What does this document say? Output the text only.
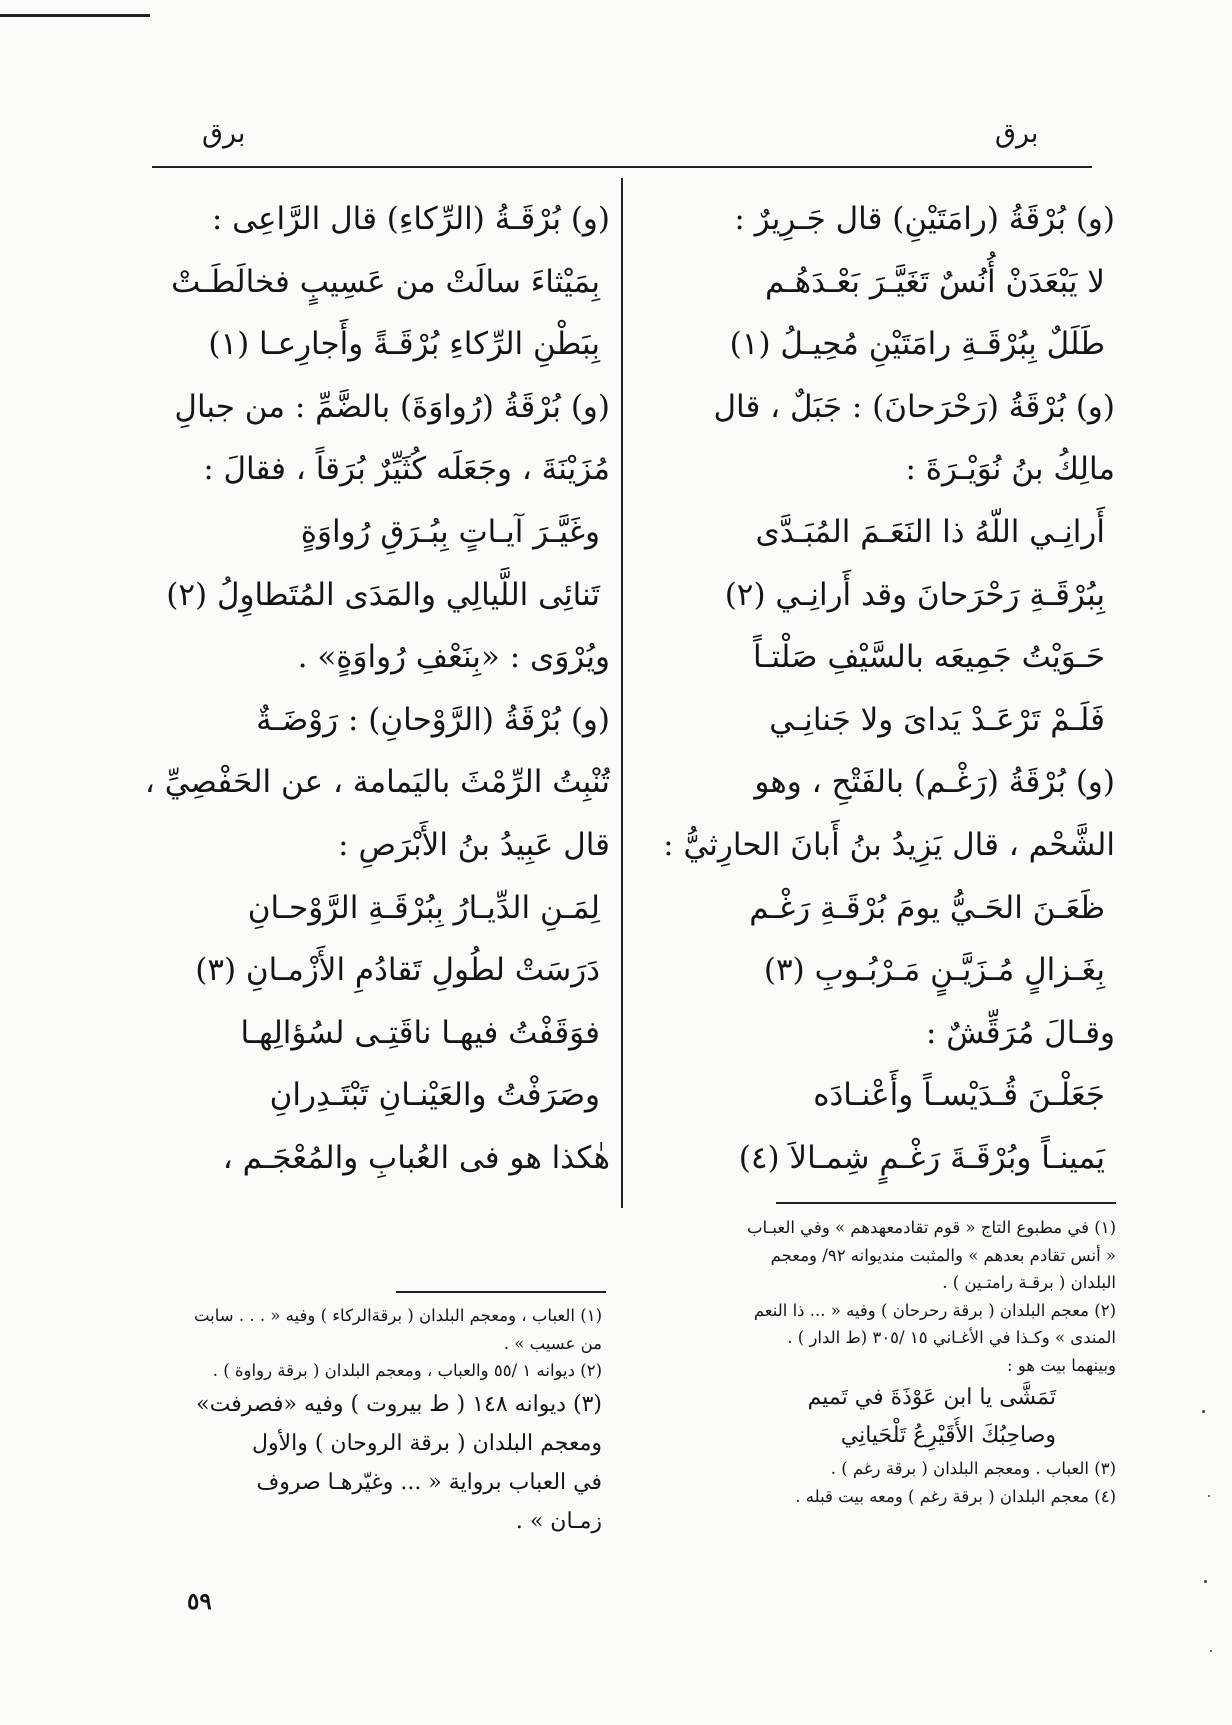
برق
برق
(و) بُرْقَةُ (رامَتَيْنِ) قال جَـرِيرٌ :
لا يَبْعَدَنْ أُنُسٌ تَغَيَّـرَ بَعْـدَهُـم
طَلَلٌ بِبُرْقَـةِ رامَتَيْنِ مُحِيـلُ (١)
(و) بُرْقَةُ (رَحْرَحانَ) : جَبَلٌ ، قال
مالِكُ بنُ نُوَيْـرَةَ :
أَرانِـي اللّهُ ذا النَعَـمَ المُبَـدَّى
بِبُرْقَـةِ رَحْرَحانَ وقد أَرانِـي (٢)
حَـوَيْتُ جَمِيعَه بالسَّيْفِ صَلْتـاً
فَلَـمْ تَرْعَـدْ يَداىَ ولا جَنانِـي
(و) بُرْقَةُ (رَغْـم) بالفَتْحِ ، وهو
الشَّحْم ، قال يَزِيدُ بنُ أَبانَ الحارِثيُّ :
ظَعَـنَ الحَـيُّ يومَ بُرْقَـةِ رَغْـم
بِغَـزالٍ مُـزَيَّـنٍ مَـرْبُـوبِ (٣)
وقـالَ مُرَقِّشٌ :
جَعَلْـنَ قُـدَيْسـاً وأَعْنـادَه
يَمينـاً وبُرْقَـةَ رَغْـمٍ شِمـالاَ (٤)
(و) بُرْقَـةُ (الرِّكاءِ) قال الرَّاعِى :
بِمَيْثاءَ سالَتْ من عَسِيبٍ فخالَطَـتْ
بِبَطْنِ الرِّكاءِ بُرْقَـةً وأَجارِعـا (١)
(و) بُرْقَةُ (رُواوَةَ) بالضَّمِّ : من جبالِ
مُزَيْنَةَ ، وجَعَلَه كُثَيِّرٌ بُرَقاً ، فقالَ :
وغَيَّـرَ آيـاتٍ بِبُـرَقِ رُواوَةٍ
تَنائِى اللَّيالِي والمَدَى المُتَطاوِلُ (٢)
ويُرْوَى : «بِنَعْفِ رُواوَةٍ» .
(و) بُرْقَةُ (الرَّوْحانِ) : رَوْضَـةٌ
تُنْبِتُ الرِّمْثَ باليَمامة ، عن الحَفْصِيِّ ،
قال عَبِيدُ بنُ الأَبْرَصِ :
لِمَـنِ الدِّيـارُ بِبُرْقَـةِ الرَّوْحـانِ
دَرَسَتْ لطُولِ تَقادُمِ الأَزْمـانِ (٣)
فوَقَفْتُ فيهـا ناقَتِـى لسُؤالِهـا
وصَرَفْتُ والعَيْنـانِ تَبْتَـدِرانِ
هٰكذا هو فى العُبابِ والمُعْجَـم ،
(١) في مطبوع التاج « قوم تقادمعهدهم » وفي العبـاب
« أنس تقادم بعدهم » والمثبت مندیوانه ٩٢/ ومعجم
البلدان ( برقـة رامتـين ) .
(٢) معجم البلدان ( برقة رحرحان ) وفيه « ... ذا النعم
المندى » وكـذا في الأغـاني ١٥ /٣٠٥ (ط الدار ) .
وبينهما بيت هو :
تَمَشَّى يا ابن عَوْذَةَ في تَميم
وصاحِبُكَ الأُقَيْرِعُ تَلْحَيانِي
(٣) العباب . ومعجم البلدان ( برقة رغم ) .
(٤) معجم البلدان ( برقة رغم ) ومعه بيت قبله .
(١) العباب ، ومعجم البلدان ( برقةالركاء ) وفيه « . . . سابت
من عسيب » .
(٢) ديوانه ١ /٥٥ والعباب ، ومعجم البلدان ( برقة رواوة ) .
(٣) ديوانه ١٤٨ ( ط بيروت ) وفيه «فصرفت»
ومعجم البلدان ( برقة الروحان ) والأول
في العباب برواية « ... وغيّرهـا صروف
زمـان » .
٥٩
